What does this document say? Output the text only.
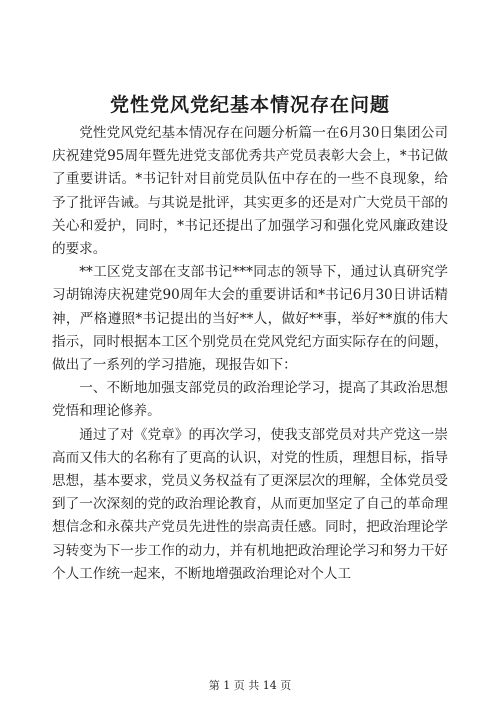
党性党风党纪基本情况存在问题

党性党风党纪基本情况存在问题分析篇一在6月30日集团公司庆祝建党95周年暨先进党支部优秀共产党员表彰大会上，*书记做了重要讲话。*书记针对目前党员队伍中存在的一些不良现象，给予了批评告诫。与其说是批评，其实更多的还是对广大党员干部的关心和爱护，同时，*书记还提出了加强学习和强化党风廉政建设的要求。

**工区党支部在支部书记***同志的领导下，通过认真研究学习胡锦涛庆祝建党90周年大会的重要讲话和*书记6月30日讲话精神，严格遵照*书记提出的当好**人，做好**事，举好**旗的伟大指示，同时根据本工区个别党员在党风党纪方面实际存在的问题，做出了一系列的学习措施，现报告如下：

一、不断地加强支部党员的政治理论学习，提高了其政治思想党悟和理论修养。

通过了对《党章》的再次学习，使我支部党员对共产党这一崇高而又伟大的名称有了更高的认识，对党的性质，理想目标，指导思想，基本要求，党员义务权益有了更深层次的理解，全体党员受到了一次深刻的党的政治理论教育，从而更加坚定了自己的革命理想信念和永葆共产党员先进性的崇高责任感。同时，把政治理论学习转变为下一步工作的动力，并有机地把政治理论学习和努力干好个人工作统一起来，不断地增强政治理论对个人工

第 1 页 共 14 页
